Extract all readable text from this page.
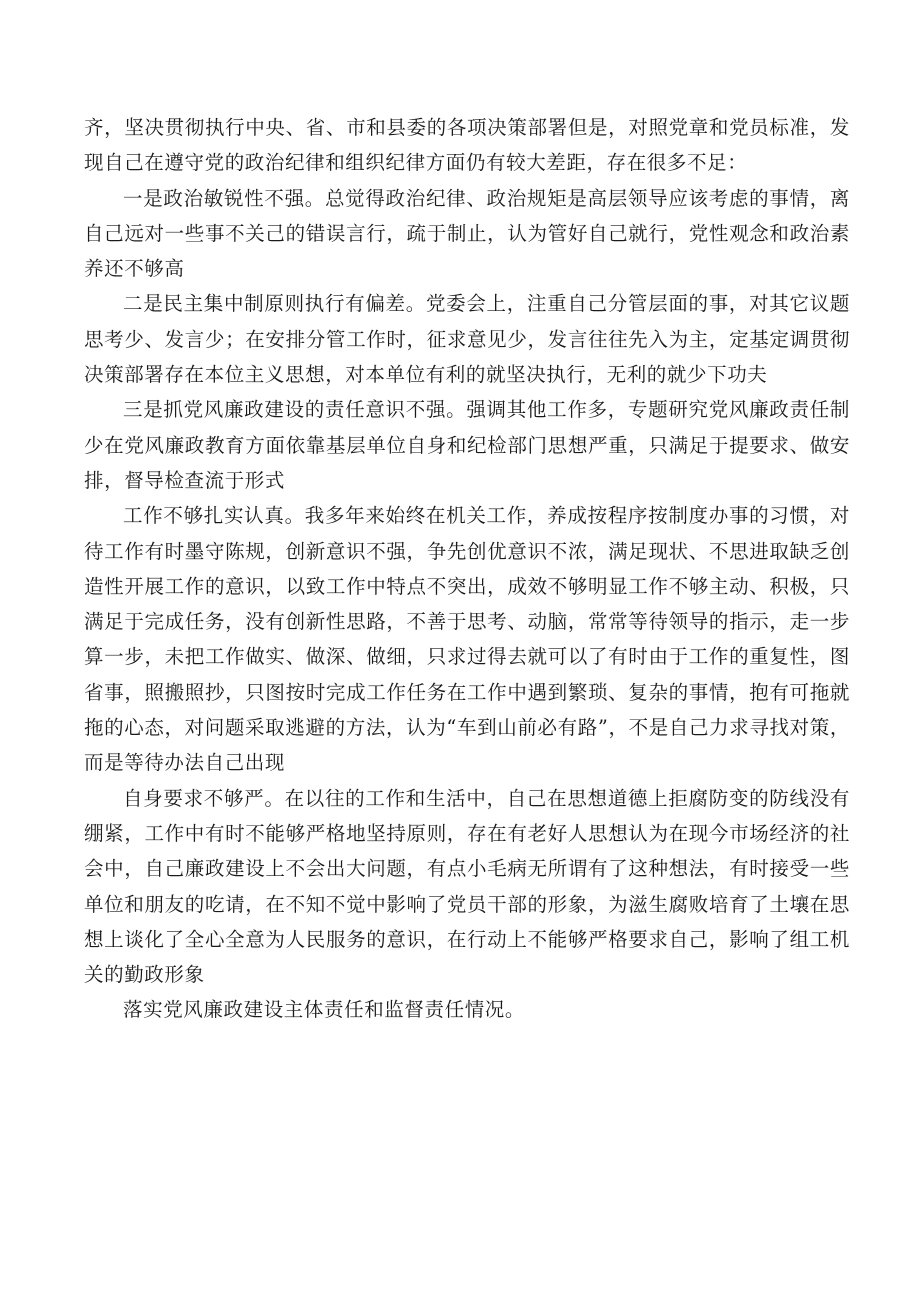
齐，坚决贯彻执行中央、省、市和县委的各项决策部署但是，对照党章和党员标准，发现自己在遵守党的政治纪律和组织纪律方面仍有较大差距，存在很多不足：

一是政治敏锐性不强。总觉得政治纪律、政治规矩是高层领导应该考虑的事情，离自己远对一些事不关己的错误言行，疏于制止，认为管好自己就行，党性观念和政治素养还不够高

二是民主集中制原则执行有偏差。党委会上，注重自己分管层面的事，对其它议题思考少、发言少；在安排分管工作时，征求意见少，发言往往先入为主，定基定调贯彻决策部署存在本位主义思想，对本单位有利的就坚决执行，无利的就少下功夫

三是抓党风廉政建设的责任意识不强。强调其他工作多，专题研究党风廉政责任制少在党风廉政教育方面依靠基层单位自身和纪检部门思想严重，只满足于提要求、做安排，督导检查流于形式

工作不够扎实认真。我多年来始终在机关工作，养成按程序按制度办事的习惯，对待工作有时墨守陈规，创新意识不强，争先创优意识不浓，满足现状、不思进取缺乏创造性开展工作的意识，以致工作中特点不突出，成效不够明显工作不够主动、积极，只满足于完成任务，没有创新性思路，不善于思考、动脑，常常等待领导的指示，走一步算一步，未把工作做实、做深、做细，只求过得去就可以了有时由于工作的重复性，图省事，照搬照抄，只图按时完成工作任务在工作中遇到繁琐、复杂的事情，抱有可拖就拖的心态，对问题采取逃避的方法，认为“车到山前必有路”，不是自己力求寻找对策，而是等待办法自己出现

自身要求不够严。在以往的工作和生活中，自己在思想道德上拒腐防变的防线没有绷紧，工作中有时不能够严格地坚持原则，存在有老好人思想认为在现今市场经济的社会中，自己廉政建设上不会出大问题，有点小毛病无所谓有了这种想法，有时接受一些单位和朋友的吃请，在不知不觉中影响了党员干部的形象，为滋生腐败培育了土壤在思想上谈化了全心全意为人民服务的意识，在行动上不能够严格要求自己，影响了组工机关的勤政形象

落实党风廉政建设主体责任和监督责任情况。
